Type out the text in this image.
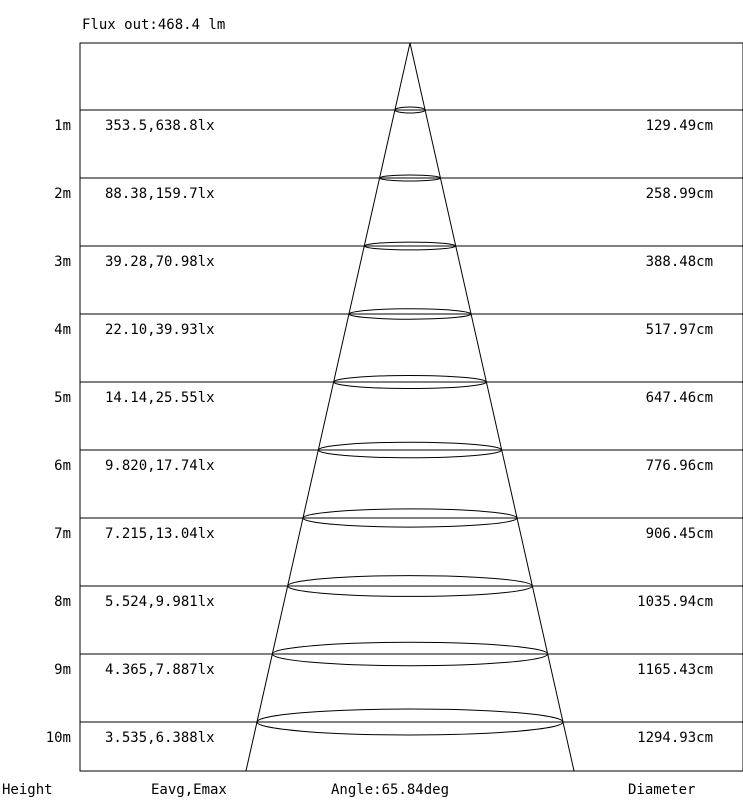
Flux out:468.4 lm
1m 353.5,638.8lx	129.49cm
2m 88.38,159.7lx	258.99cm
3m 39.28,70.98lx	388.48cm
4m 22.10,39.93lx	517.97cm
5m 14.14,25.55lx	647.46cm
6m 9.820,17.74lx	776.96cm
7m 7.215,13.04lx	906.45cm
8m 5.524,9.981lx	1035.94cm
9m 4.365,7.887lx	1165.43cm
10m 3.535,6.388lx	1294.93cm
Height	Eavg,Emax	Angle:65.84deg	Diameter
